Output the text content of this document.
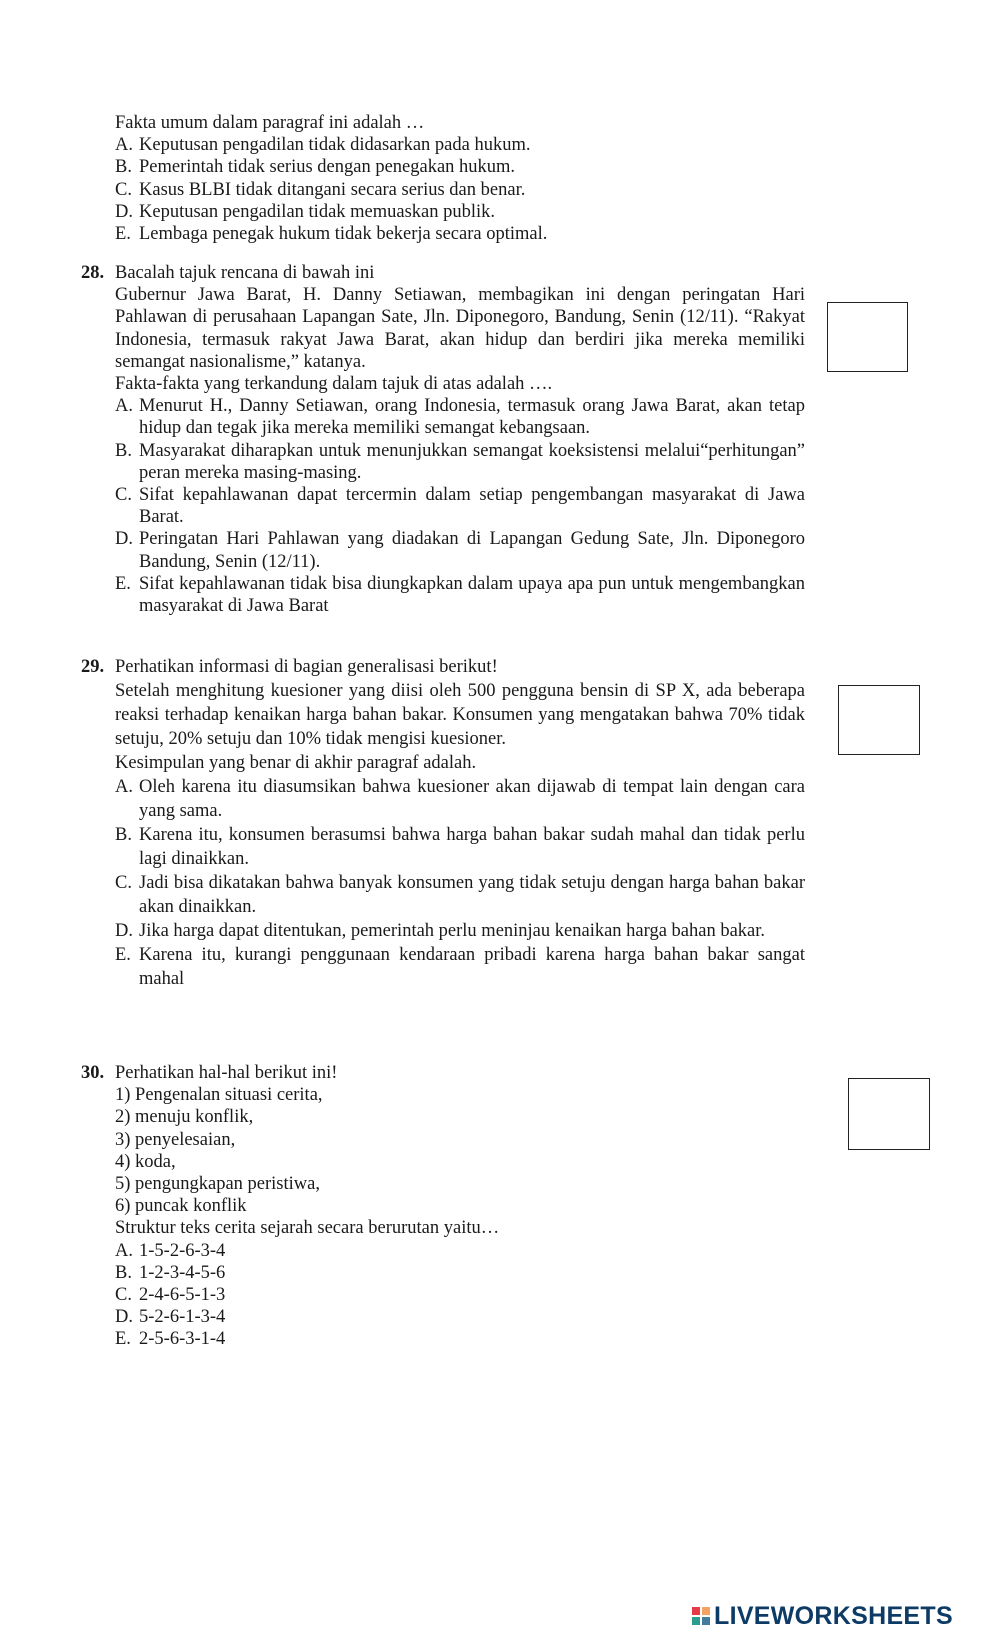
Fakta umum dalam paragraf ini adalah …
A. Keputusan pengadilan tidak didasarkan pada hukum.
B. Pemerintah tidak serius dengan penegakan hukum.
C. Kasus BLBI tidak ditangani secara serius dan benar.
D. Keputusan pengadilan tidak memuaskan publik.
E. Lembaga penegak hukum tidak bekerja secara optimal.
28. Bacalah tajuk rencana di bawah ini
Gubernur Jawa Barat, H. Danny Setiawan, membagikan ini dengan peringatan Hari Pahlawan di perusahaan Lapangan Sate, Jln. Diponegoro, Bandung, Senin (12/11). “Rakyat Indonesia, termasuk rakyat Jawa Barat, akan hidup dan berdiri jika mereka memiliki semangat nasionalisme,” katanya.
Fakta-fakta yang terkandung dalam tajuk di atas adalah ….
A. Menurut H., Danny Setiawan, orang Indonesia, termasuk orang Jawa Barat, akan tetap hidup dan tegak jika mereka memiliki semangat kebangsaan.
B. Masyarakat diharapkan untuk menunjukkan semangat koeksistensi melalui“perhitungan” peran mereka masing-masing.
C. Sifat kepahlawanan dapat tercermin dalam setiap pengembangan masyarakat di Jawa Barat.
D. Peringatan Hari Pahlawan yang diadakan di Lapangan Gedung Sate, Jln. Diponegoro Bandung, Senin (12/11).
E. Sifat kepahlawanan tidak bisa diungkapkan dalam upaya apa pun untuk mengembangkan masyarakat di Jawa Barat
29. Perhatikan informasi di bagian generalisasi berikut!
Setelah menghitung kuesioner yang diisi oleh 500 pengguna bensin di SP X, ada beberapa reaksi terhadap kenaikan harga bahan bakar. Konsumen yang mengatakan bahwa 70% tidak setuju, 20% setuju dan 10% tidak mengisi kuesioner.
Kesimpulan yang benar di akhir paragraf adalah.
A. Oleh karena itu diasumsikan bahwa kuesioner akan dijawab di tempat lain dengan cara yang sama.
B. Karena itu, konsumen berasumsi bahwa harga bahan bakar sudah mahal dan tidak perlu lagi dinaikkan.
C. Jadi bisa dikatakan bahwa banyak konsumen yang tidak setuju dengan harga bahan bakar akan dinaikkan.
D. Jika harga dapat ditentukan, pemerintah perlu meninjau kenaikan harga bahan bakar.
E. Karena itu, kurangi penggunaan kendaraan pribadi karena harga bahan bakar sangat mahal
30. Perhatikan hal-hal berikut ini!
1) Pengenalan situasi cerita,
2) menuju konflik,
3) penyelesaian,
4) koda,
5) pengungkapan peristiwa,
6) puncak konflik
Struktur teks cerita sejarah secara berurutan yaitu…
A. 1-5-2-6-3-4
B. 1-2-3-4-5-6
C. 2-4-6-5-1-3
D. 5-2-6-1-3-4
E. 2-5-6-3-1-4
LIVEWORKSHEETS
